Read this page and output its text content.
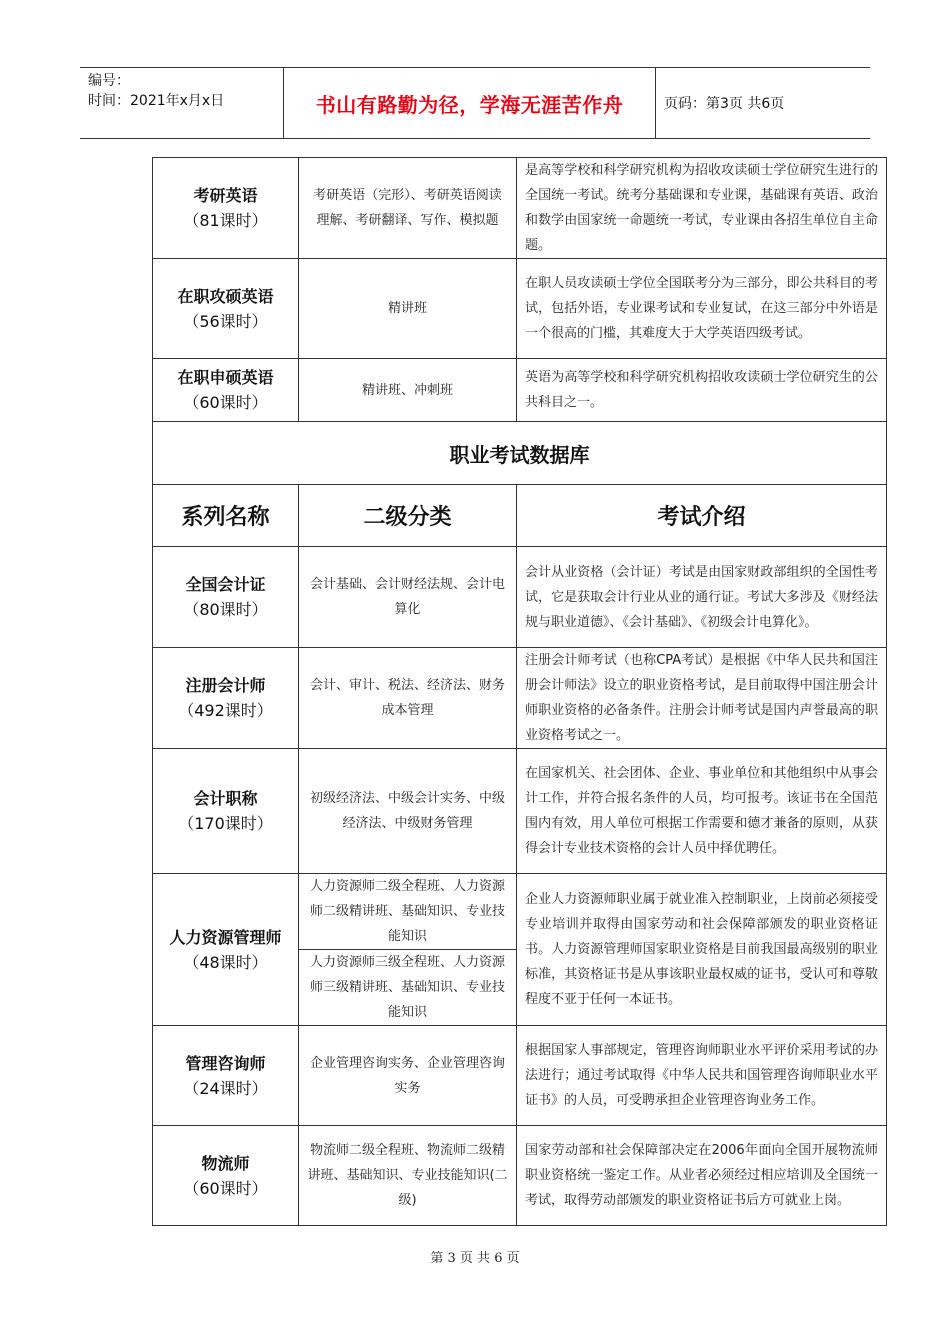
编号：
时间：2021年x月x日	书山有路勤为径，学海无涯苦作舟	页码：第3页 共6页
考研英语
（81课时）	考研英语（完形）、考研英语阅读理解、考研翻译、写作、模拟题	是高等学校和科学研究机构为招收攻读硕士学位研究生进行的全国统一考试。统考分基础课和专业课，基础课有英语、政治和数学由国家统一命题统一考试，专业课由各招生单位自主命题。

在职攻硕英语
（56课时）	精讲班	在职人员攻读硕士学位全国联考分为三部分，即公共科目的考试，包括外语，专业课考试和专业复试，在这三部分中外语是一个很高的门槛，其难度大于大学英语四级考试。

在职申硕英语
（60课时）	精讲班、冲刺班	英语为高等学校和科学研究机构招收攻读硕士学位研究生的公共科目之一。
职业考试数据库		
系列名称	二级分类	考试介绍

全国会计证
（80课时）	会计基础、会计财经法规、会计电算化	会计从业资格（会计证）考试是由国家财政部组织的全国性考试，它是获取会计行业从业的通行证。考试大多涉及《财经法规与职业道德》、《会计基础》、《初级会计电算化》。

注册会计师
（492课时）	会计、审计、税法、经济法、财务成本管理	注册会计师考试（也称CPA考试）是根据《中华人民共和国注册会计师法》设立的职业资格考试，是目前取得中国注册会计师职业资格的必备条件。注册会计师考试是国内声誉最高的职业资格考试之一。

会计职称
（170课时）	初级经济法、中级会计实务、中级经济法、中级财务管理	在国家机关、社会团体、企业、事业单位和其他组织中从事会计工作，并符合报名条件的人员，均可报考。该证书在全国范围内有效，用人单位可根据工作需要和德才兼备的原则，从获得会计专业技术资格的会计人员中择优聘任。

人力资源管理师
（48课时）	人力资源师二级全程班、人力资源师二级精讲班、基础知识、专业技能知识	企业人力资源师职业属于就业准入控制职业，上岗前必须接受专业培训并取得由国家劳动和社会保障部颁发的职业资格证书。人力资源管理师国家职业资格是目前我国最高级别的职业标准，其资格证书是从事该职业最权威的证书，受认可和尊敬程度不亚于任何一本证书。
	人力资源师三级全程班、人力资源师三级精讲班、基础知识、专业技能知识	

管理咨询师
（24课时）	企业管理咨询实务、企业管理咨询实务	根据国家人事部规定，管理咨询师职业水平评价采用考试的办法进行；通过考试取得《中华人民共和国管理咨询师职业水平证书》的人员，可受聘承担企业管理咨询业务工作。

物流师
（60课时）	物流师二级全程班、物流师二级精讲班、基础知识、专业技能知识(二级)	国家劳动部和社会保障部决定在2006年面向全国开展物流师职业资格统一鉴定工作。从业者必须经过相应培训及全国统一考试，取得劳动部颁发的职业资格证书后方可就业上岗。
第 3 页 共 6 页
